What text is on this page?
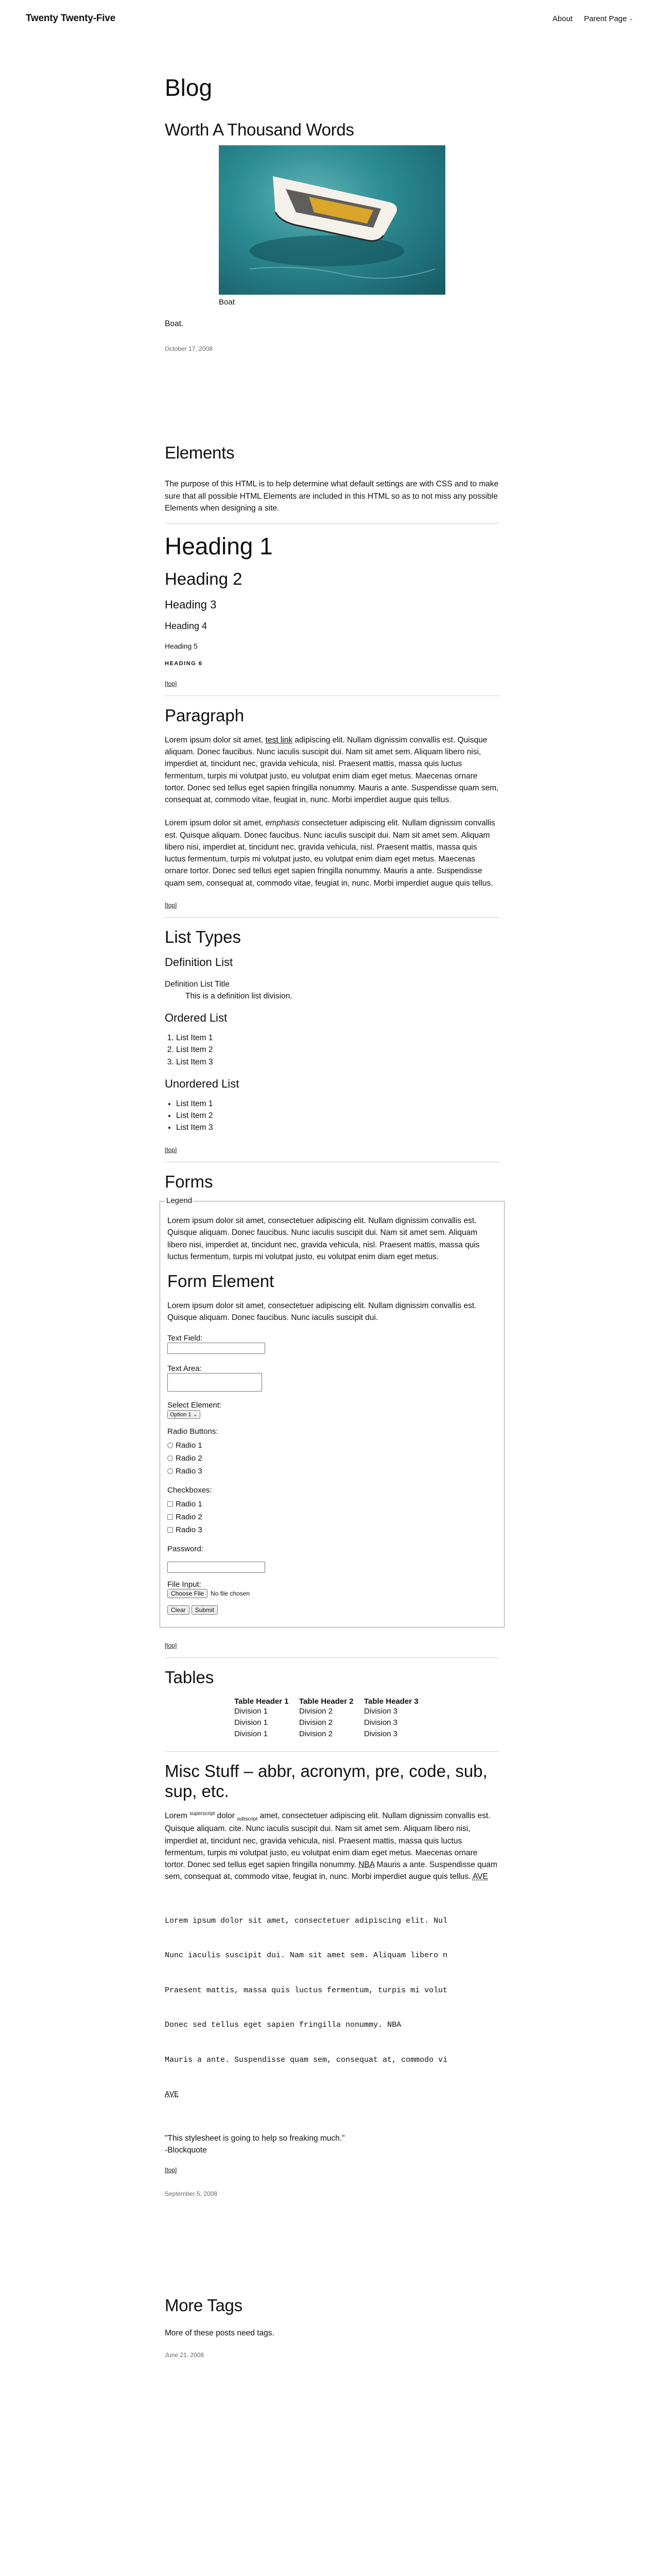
Twenty Twenty-Five	About Parent Page ⌄
Blog
Worth A Thousand Words
Boat

Boat.

October 17, 2008
Elements

The purpose of this HTML is to help determine what default settings are with CSS and to make sure that all possible HTML Elements are included in this HTML so as to not miss any possible Elements when designing a site.

Heading 1
Heading 2
Heading 3
Heading 4
Heading 5
HEADING 6
[top]
Paragraph

Lorem ipsum dolor sit amet, test link adipiscing elit. Nullam dignissim convallis est. Quisque aliquam. Donec faucibus. Nunc iaculis suscipit dui. Nam sit amet sem. Aliquam libero nisi, imperdiet at, tincidunt nec, gravida vehicula, nisl. Praesent mattis, massa quis luctus fermentum, turpis mi volutpat justo, eu volutpat enim diam eget metus. Maecenas ornare tortor. Donec sed tellus eget sapien fringilla nonummy. Mauris a ante. Suspendisse quam sem, consequat at, commodo vitae, feugiat in, nunc. Morbi imperdiet augue quis tellus.

Lorem ipsum dolor sit amet, emphasis consectetuer adipiscing elit. Nullam dignissim convallis est. Quisque aliquam. Donec faucibus. Nunc iaculis suscipit dui. Nam sit amet sem. Aliquam libero nisi, imperdiet at, tincidunt nec, gravida vehicula, nisl. Praesent mattis, massa quis luctus fermentum, turpis mi volutpat justo, eu volutpat enim diam eget metus. Maecenas ornare tortor. Donec sed tellus eget sapien fringilla nonummy. Mauris a ante. Suspendisse quam sem, consequat at, commodo vitae, feugiat in, nunc. Morbi imperdiet augue quis tellus.

[top]
List Types
Definition List
Definition List Title
This is a definition list division.
Ordered List
1. List Item 1
2. List Item 2
3. List Item 3
Unordered List
• List Item 1
• List Item 2
• List Item 3
[top]
Forms
Legend

Lorem ipsum dolor sit amet, consectetuer adipiscing elit. Nullam dignissim convallis est. Quisque aliquam. Donec faucibus. Nunc iaculis suscipit dui. Nam sit amet sem. Aliquam libero nisi, imperdiet at, tincidunt nec, gravida vehicula, nisl. Praesent mattis, massa quis luctus fermentum, turpis mi volutpat justo, eu volutpat enim diam eget metus.

Form Element

Lorem ipsum dolor sit amet, consectetuer adipiscing elit. Nullam dignissim convallis est. Quisque aliquam. Donec faucibus. Nunc iaculis suscipit dui.

Text Field:
Text Area:
Select Element:
Option 1 ⌄
Radio Buttons:
Radio 1
Radio 2
Radio 3
Checkboxes:
Radio 1
Radio 2
Radio 3
Password:
File Input:
Choose File	No file chosen
Clear	Submit
[top]
Tables
Table Header 1	Table Header 2	Table Header 3
Division 1	Division 2	Division 3
Division 1	Division 2	Division 3
Division 1	Division 2	Division 3
Misc Stuff – abbr, acronym, pre, code, sub, sup, etc.

Lorem $^{superscript}$ dolor $_{subscript}$ amet, consectetuer adipiscing elit. Nullam dignissim convallis est. Quisque aliquam. cite. Nunc iaculis suscipit dui. Nam sit amet sem. Aliquam libero nisi, imperdiet at, tincidunt nec, gravida vehicula, nisl. Praesent mattis, massa quis luctus fermentum, turpis mi volutpat justo, eu volutpat enim diam eget metus. Maecenas ornare tortor. Donec sed tellus eget sapien fringilla nonummy. NBA Mauris a ante. Suspendisse quam sem, consequat at, commodo vitae, feugiat in, nunc. Morbi imperdiet augue quis tellus. AVE

Lorem ipsum dolor sit amet, consectetuer adipiscing elit. Nul

Nunc iaculis suscipit dui. Nam sit amet sem. Aliquam libero n

Praesent mattis, massa quis luctus fermentum, turpis mi volut

Donec sed tellus eget sapien fringilla nonummy. NBA

Mauris a ante. Suspendisse quam sem, consequat at, commodo vi

AVE

"This stylesheet is going to help so freaking much."
-Blockquote
[top]
September 5, 2008
More Tags

More of these posts need tags.

June 21, 2008
